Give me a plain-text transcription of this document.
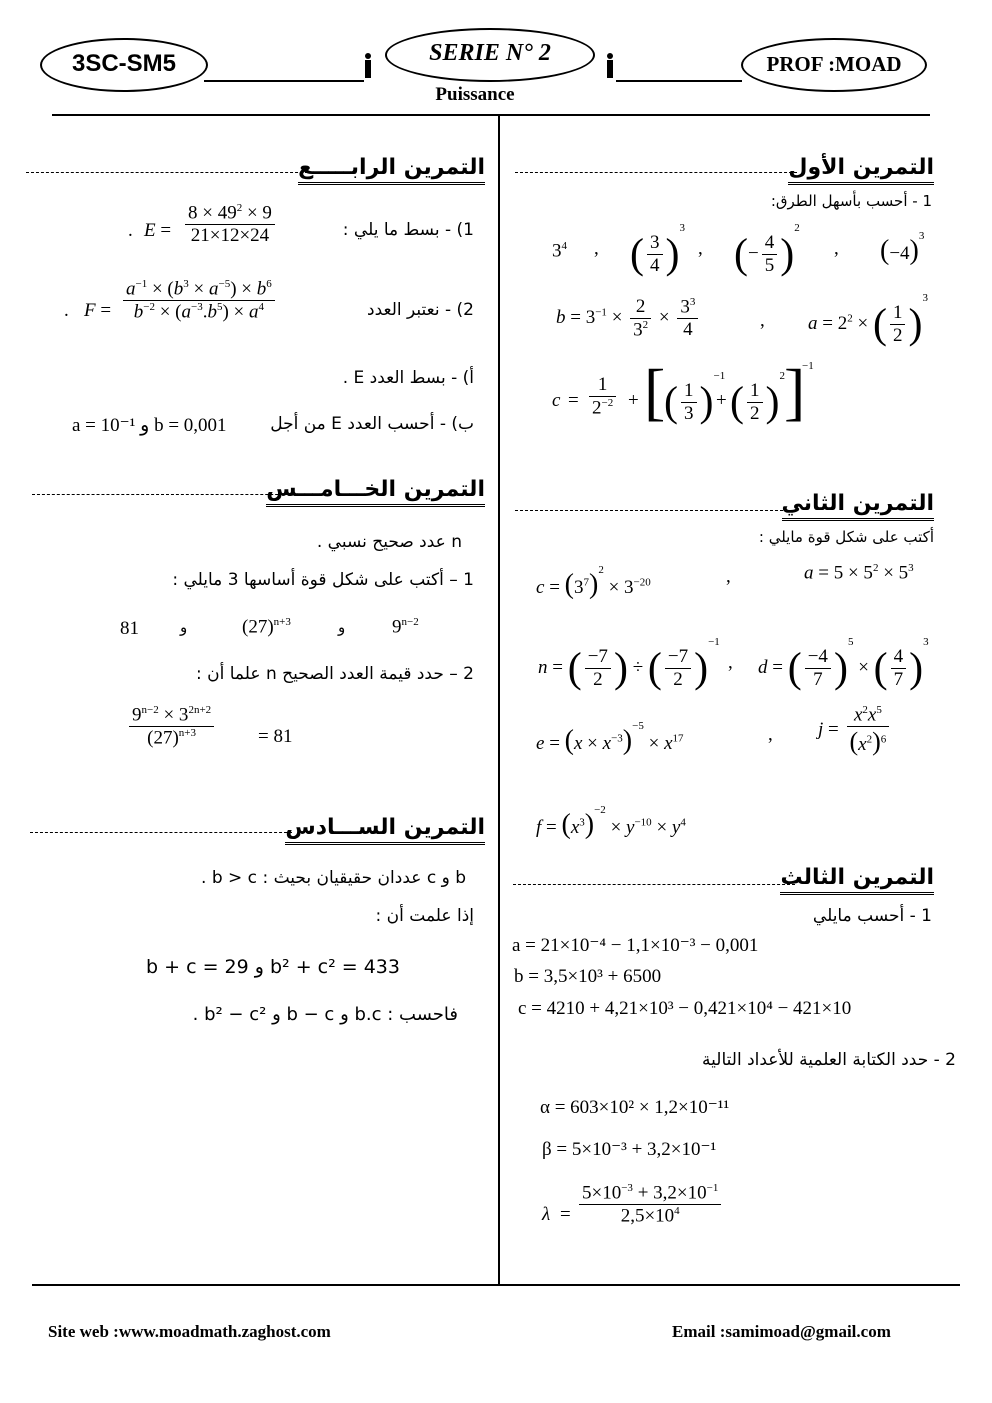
3SC-SM5	SERIE N° 2	PROF :MOAD
Puissance
التمرين الأول
1 - أحسب بأسهل الطرق:
$3^4$ , ( $\frac{3}{4} )^3$
, (− $\frac{4}{5} )^2$
, $(-4)^3$
$b = 3^{-1} \times \frac{2}{3^2} \times \frac{3^3}{4}$	, $a = 2^2$ × ( $\frac{1}{2} )^3$
$c = \frac{1}{2^{-2}}$ + [
( $\frac{1}{3} )^{-1}$
+ ( $\frac{1}{2} )^2$ ]
−1
التمرين الثاني
أكتب على شكل قوة مايلي :
$c = (3^7)^2 \times 3^{-20}$	,	$a = 5 \times 5^2 \times 5^3$
n = ( $\frac{-7}{2}$ ) ÷ ( $\frac{-7}{2} )^{-1}$
, d = ( $\frac{-4}{7} )^5$ × ( $\frac{4}{7} )^3$
$e = (x \times x^{-3})^{-5} \times x^{17}$	, $j = \frac{x^2x^5}{(x^2)^6}$
$f = (x^3)^{-2} \times y^{-10} \times y^4$
التمرين الثالث
1 - أحسب مايلي
a = 21×10⁻⁴ − 1,1×10⁻³ − 0,001
b = 3,5×10³ + 6500
c = 4210 + 4,21×10³ − 0,421×10⁴ − 421×10
2 - حدد الكتابة العلمية للأعداد التالية
α = 603×10² × 1,2×10⁻¹¹
β = 5×10⁻³ + 3,2×10⁻¹
$\lambda = \frac{5\times 10^{-3} + 3,2\times 10^{-1}}{2,5\times 10^4}$
التمرين الرابـــــع
1) - بسط ما يلي :
. $E = \frac{8 \times 49^2 \times 9}{21\times 12\times 24}$
2) - نعتبر العدد
. $F = \frac{a^{-1} \times (b^3 \times a^{-5}) \times b^6}{b^{-2} \times (a^{-3}.b^5) \times a^4}$
أ) - بسط العدد E .
ب) - أحسب العدد E من أجل
a = 10⁻¹ و b = 0,001
التمرين الخـــامـــس
n عدد صحيح نسبي .
1 – أكتب على شكل قوة أساسها 3 مايلي :
81	و	$(27)^{n+3}$	و $9^{n-2}$
2 – حدد قيمة العدد الصحيح n علما أن :
$\frac{9^{n-2} \times 3^{2n+2}}{(27)^{n+3}} = 81$
التمرين الســـادس
b و c عددان حقيقيان بحيث : b > c .
إذا علمت أن :
b² + c² = 433 و b + c = 29
فاحسب : b.c و b − c و b² − c² .
Site web :www.moadmath.zaghost.com	Email :samimoad@gmail.com
